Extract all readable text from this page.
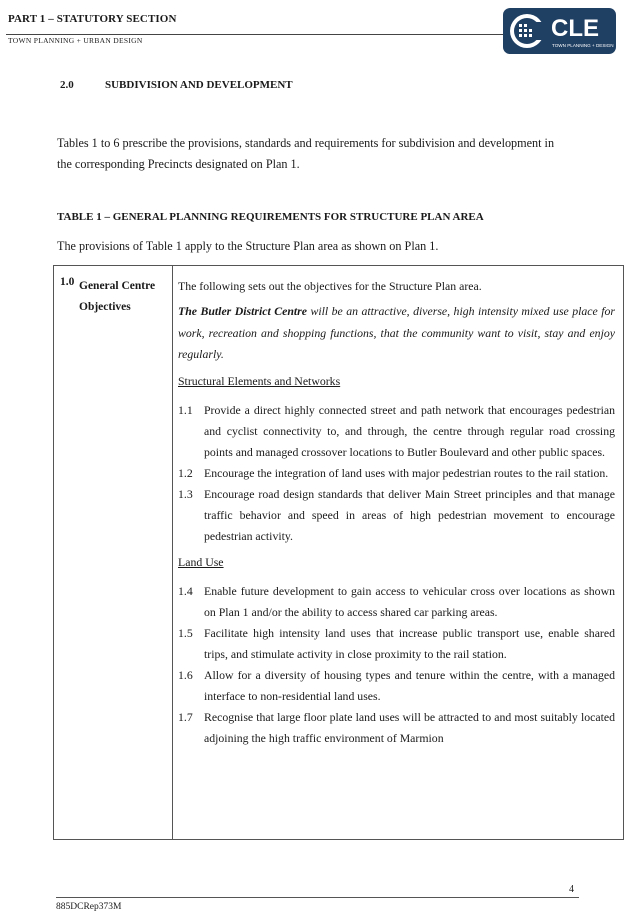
PART 1 – STATUTORY SECTION
TOWN PLANNING + URBAN DESIGN	CLE
TOWN PLANNING + DESIGN
2.0	SUBDIVISION AND DEVELOPMENT
Tables 1 to 6 prescribe the provisions, standards and requirements for subdivision and development in the corresponding Precincts designated on Plan 1.
TABLE 1 – GENERAL PLANNING REQUIREMENTS FOR STRUCTURE PLAN AREA
The provisions of Table 1 apply to the Structure Plan area as shown on Plan 1.

1.0 General Centre
Objectives

The following sets out the objectives for the Structure Plan area.

The Butler District Centre will be an attractive, diverse, high intensity mixed use place for work, recreation and shopping functions, that the community want to visit, stay and enjoy regularly.

Structural Elements and Networks
1.1 Provide a direct highly connected street and path network that encourages pedestrian and cyclist connectivity to, and through, the centre through regular road crossing points and managed crossover locations to Butler Boulevard and other public spaces.
1.2 Encourage the integration of land uses with major pedestrian routes to the rail station.
1.3 Encourage road design standards that deliver Main Street principles and that manage traffic behavior and speed in areas of high pedestrian movement to encourage pedestrian activity.
Land Use
1.4 Enable future development to gain access to vehicular cross over locations as shown on Plan 1 and/or the ability to access shared car parking areas.
1.5 Facilitate high intensity land uses that increase public transport use, enable shared trips, and stimulate activity in close proximity to the rail station.
1.6 Allow for a diversity of housing types and tenure within the centre, with a managed interface to non-residential land uses.
1.7 Recognise that large floor plate land uses will be attracted to and most suitably located adjoining the high traffic environment of Marmion
4
885DCRep373M
